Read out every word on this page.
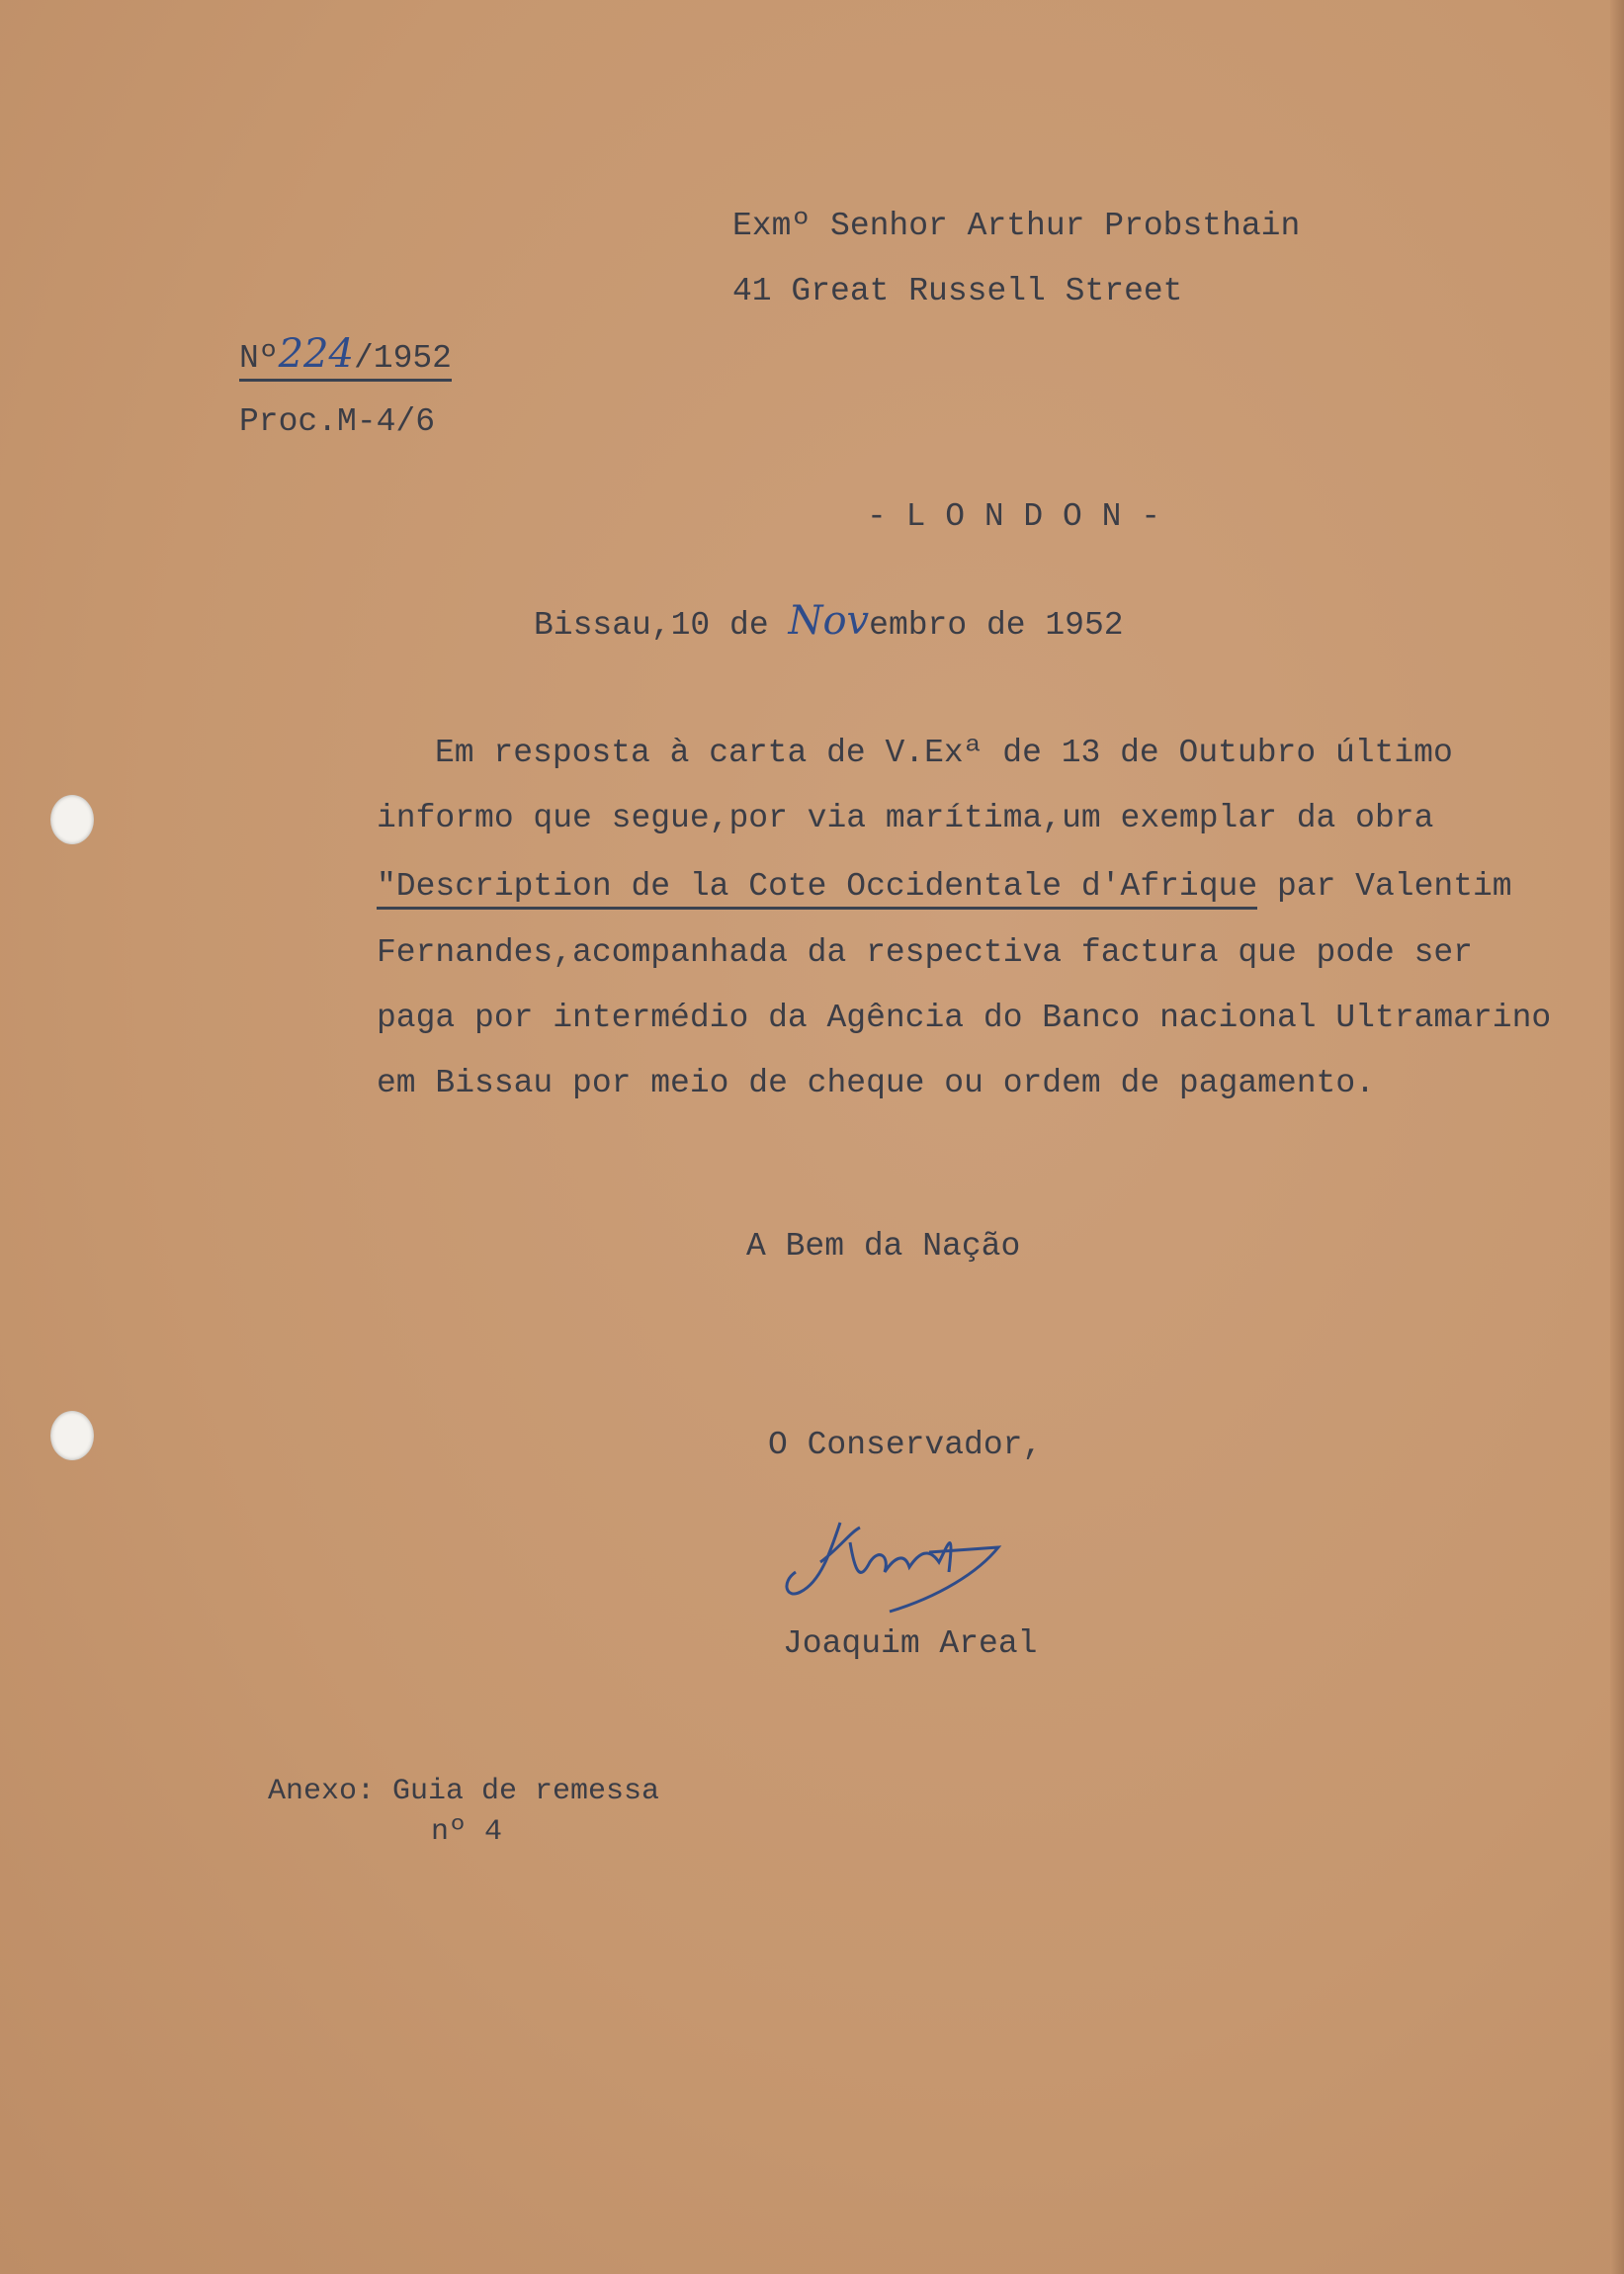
Exmº Senhor Arthur Probsthain
41 Great Russell Street
Nº224/1952
Proc.M-4/6
- L O N D O N -
Bissau,10 de Novembro de 1952
Em resposta à carta de V.Exª de 13 de Outubro último
informo que segue,por via marítima,um exemplar da obra
"Description de la Cote Occidentale d'Afrique par Valentim
Fernandes,acompanhada da respectiva factura que pode ser
paga por intermédio da Agência do Banco nacional Ultramarino
em Bissau por meio de cheque ou ordem de pagamento.
A Bem da Nação
O Conservador,
Joaquim Areal
Anexo: Guia de remessa
nº 4
